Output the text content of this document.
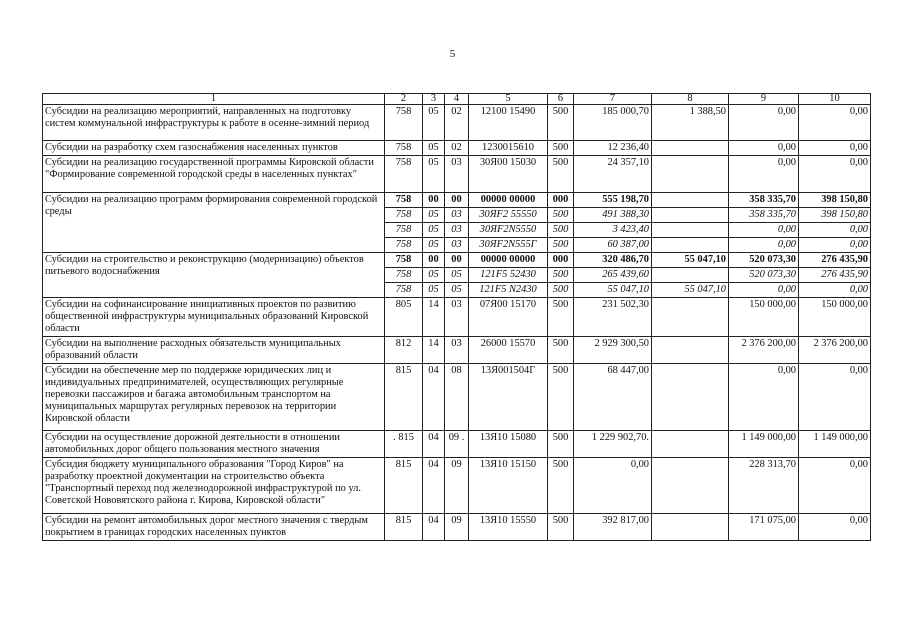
5
1	2	3	4	5	6	7	8	9	10
Субсидии на реализацию мероприятий, направленных на подготовку систем коммунальной инфраструктуры к работе в осенне-зимний период	758	05	02	12100 15490	500	185 000,70	1 388,50	0,00	0,00
Субсидии на разработку схем газоснабжения населенных пунктов	758	05	02	1230015610	500	12 236,40		0,00	0,00
Субсидии на реализацию государственной программы Кировской области "Формирование современной городской среды в населенных пунктах"	758	05	03	30Я00 15030	500	24 357,10		0,00	0,00
Субсидии на реализацию программ формирования современной городской среды	758	00	00	00000 00000	000	555 198,70		358 335,70	398 150,80
	758	05	03	30ЯF2 55550	500	491 388,30		358 335,70	398 150,80
	758	05	03	30ЯF2N5550	500	3 423,40		0,00	0,00
	758	05	03	30ЯF2N555Г	500	60 387,00		0,00	0,00
Субсидии на строительство и реконструкцию (модернизацию) объектов питьевого водоснабжения	758	00	00	00000 00000	000	320 486,70	55 047,10	520 073,30	276 435,90
	758	05	05	121F5 52430	500	265 439,60		520 073,30	276 435,90
	758	05	05	121F5 N2430	500	55 047,10	55 047,10	0,00	0,00
Субсидии на софинансирование инициативных проектов по развитию общественной инфраструктуры муниципальных образований Кировской области	805	14	03	07Я00 15170	500	231 502,30		150 000,00	150 000,00
Субсидии на выполнение расходных обязательств муниципальных образований области	812	14	03	26000 15570	500	2 929 300,50		2 376 200,00	2 376 200,00
Субсидии на обеспечение мер по поддержке юридических лиц и индивидуальных предпринимателей, осуществляющих регулярные перевозки пассажиров и багажа автомобильным транспортом на муниципальных маршрутах регулярных перевозок на территории Кировской области	815	04	08	13Я001504Г	500	68 447,00		0,00	0,00
Субсидии на осуществление дорожной деятельности в отношении автомобильных дорог общего пользования местного значения	. 815	04	09 .	13Я10 15080	500	1 229 902,70.		1 149 000,00	1 149 000,00
Субсидия бюджету муниципального образования "Город Киров" на разработку проектной документации на строительство объекта "Транспортный переход под железнодорожной инфраструктурой по ул. Советской Нововятского района г. Кирова, Кировской области"	815	04	09	13Я10 15150	500	0,00		228 313,70	0,00
Субсидии на ремонт автомобильных дорог местного значения с твердым покрытием в границах городских населенных пунктов	815	04	09	13Я10 15550	500	392 817,00		171 075,00	0,00
